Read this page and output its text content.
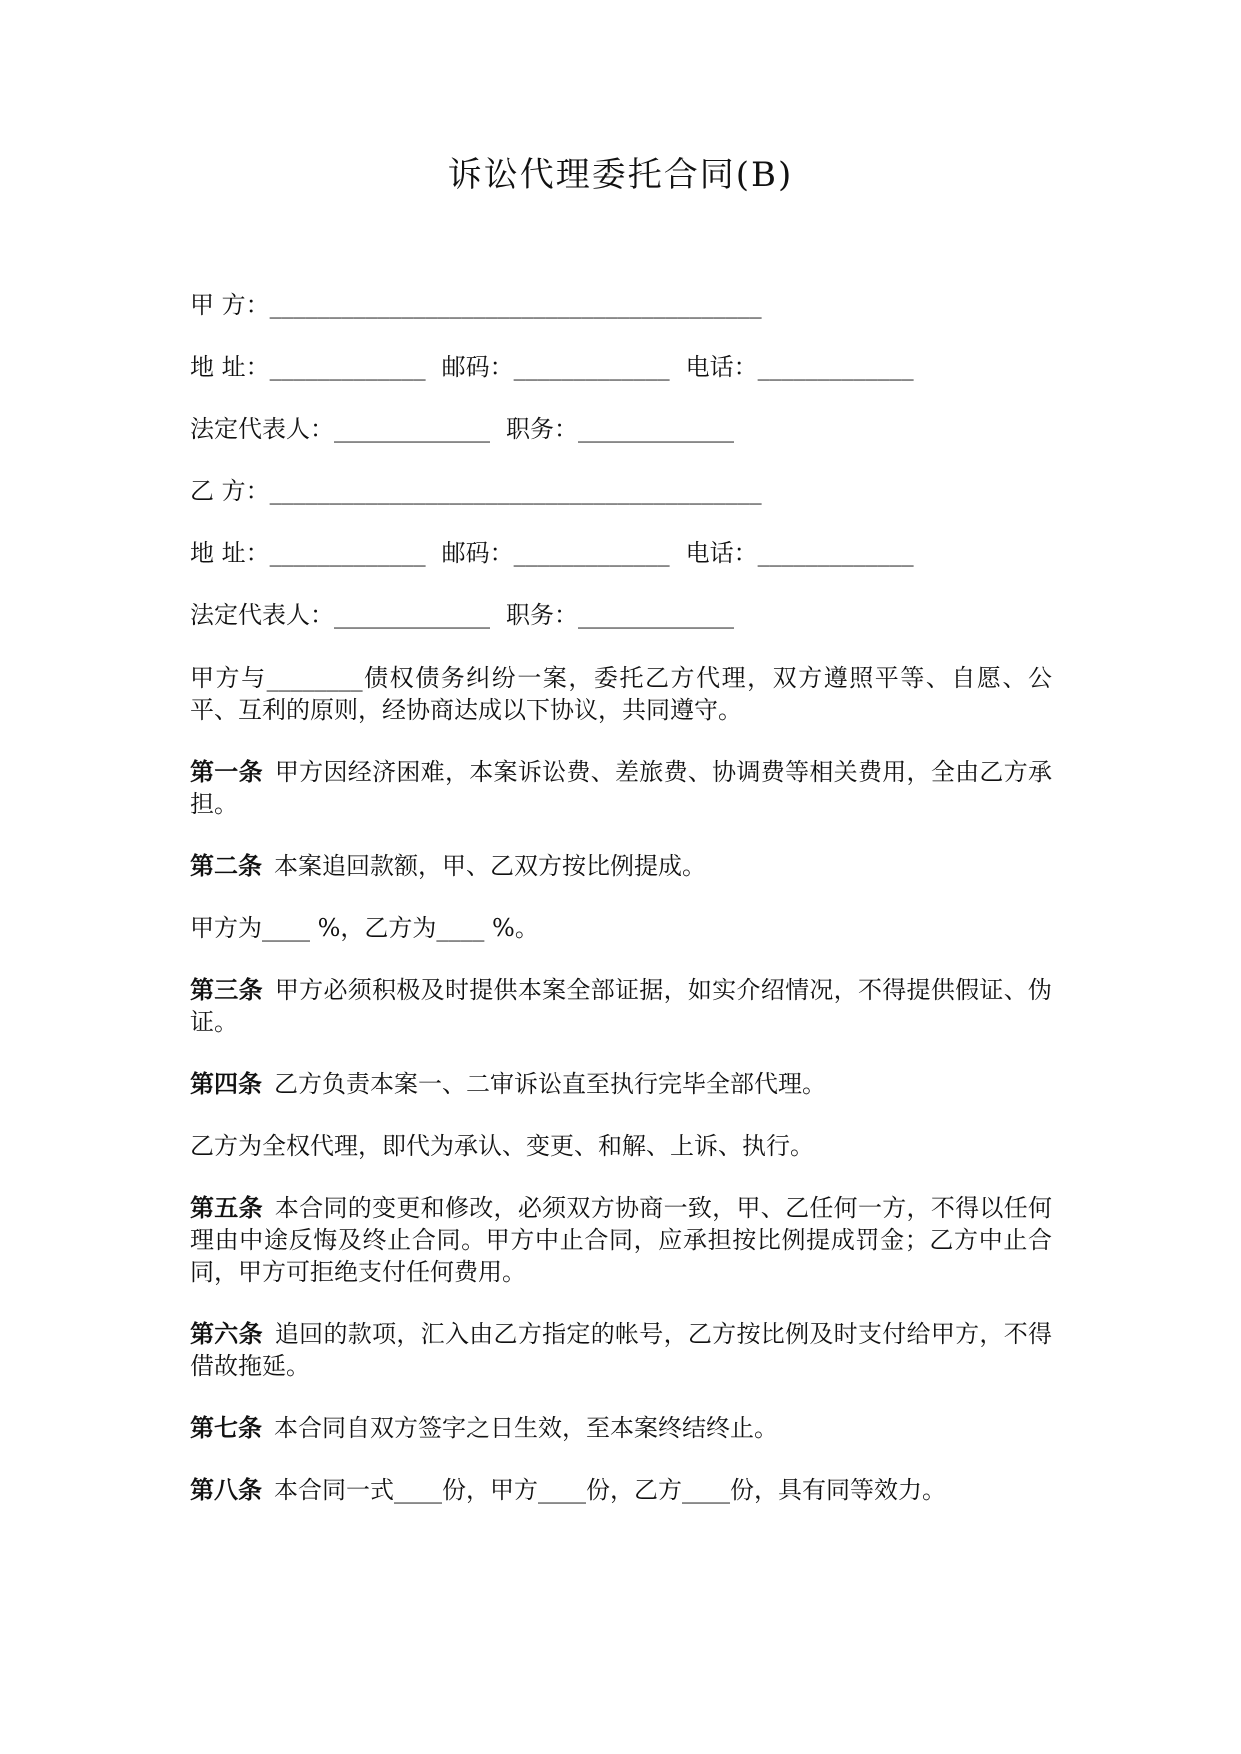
诉讼代理委托合同(B)
甲 方：_________________________________________
地 址：_____________ 邮码：_____________ 电话：_____________
法定代表人：_____________ 职务：_____________
乙 方：_________________________________________
地 址：_____________ 邮码：_____________ 电话：_____________
法定代表人：_____________ 职务：_____________
甲方与________债权债务纠纷一案，委托乙方代理，双方遵照平等、自愿、公平、互利的原则，经协商达成以下协议，共同遵守。
第一条 甲方因经济困难，本案诉讼费、差旅费、协调费等相关费用，全由乙方承担。
第二条 本案追回款额，甲、乙双方按比例提成。
甲方为____ %，乙方为____ %。
第三条 甲方必须积极及时提供本案全部证据，如实介绍情况，不得提供假证、伪证。
第四条 乙方负责本案一、二审诉讼直至执行完毕全部代理。
乙方为全权代理，即代为承认、变更、和解、上诉、执行。
第五条 本合同的变更和修改，必须双方协商一致，甲、乙任何一方，不得以任何理由中途反悔及终止合同。甲方中止合同，应承担按比例提成罚金；乙方中止合同，甲方可拒绝支付任何费用。
第六条 追回的款项，汇入由乙方指定的帐号，乙方按比例及时支付给甲方，不得借故拖延。
第七条 本合同自双方签字之日生效，至本案终结终止。
第八条 本合同一式____份，甲方____份，乙方____份，具有同等效力。
